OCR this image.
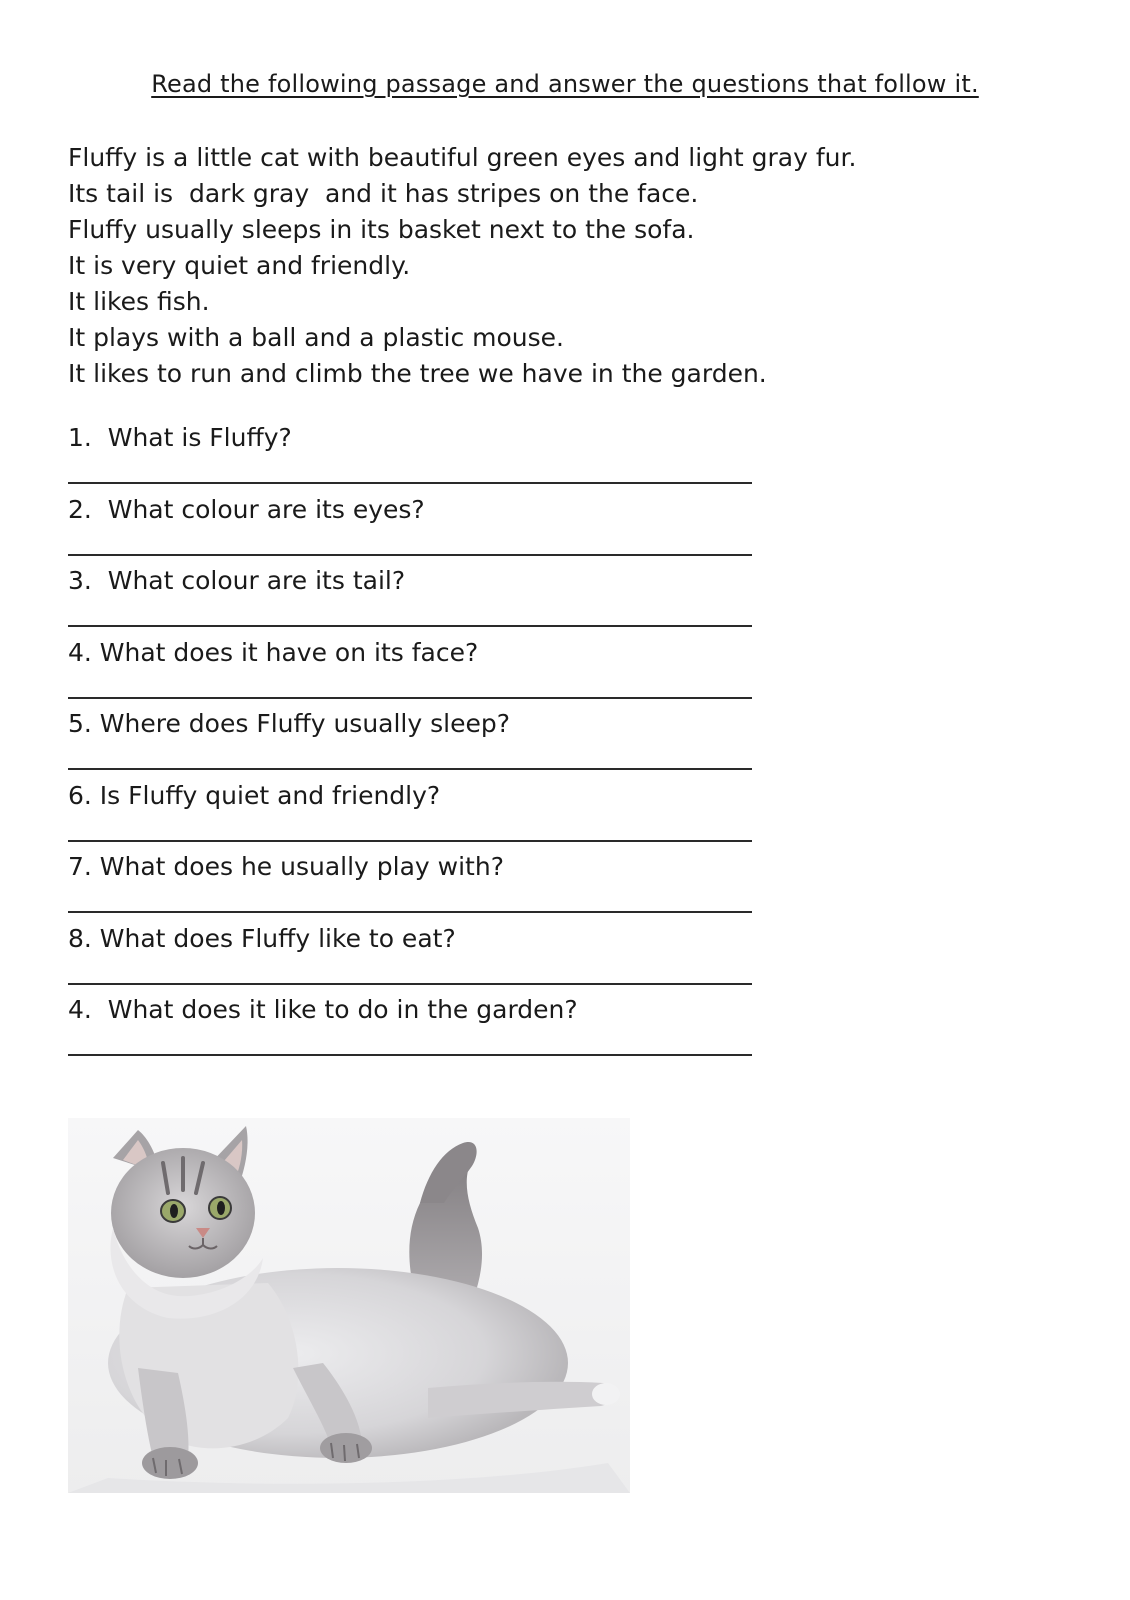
Read the following passage and answer the questions that follow it.
Fluffy is a little cat with beautiful green eyes and light gray fur.
Its tail is  dark gray  and it has stripes on the face.
Fluffy usually sleeps in its basket next to the sofa.
It is very quiet and friendly.
It likes fish.
It plays with a ball and a plastic mouse.
It likes to run and climb the tree we have in the garden.
1.  What is Fluffy?
2.  What colour are its eyes?
3.  What colour are its tail?
4. What does it have on its face?
5. Where does Fluffy usually sleep?
6. Is Fluffy quiet and friendly?
7. What does he usually play with?
8. What does Fluffy like to eat?
4.  What does it like to do in the garden?
